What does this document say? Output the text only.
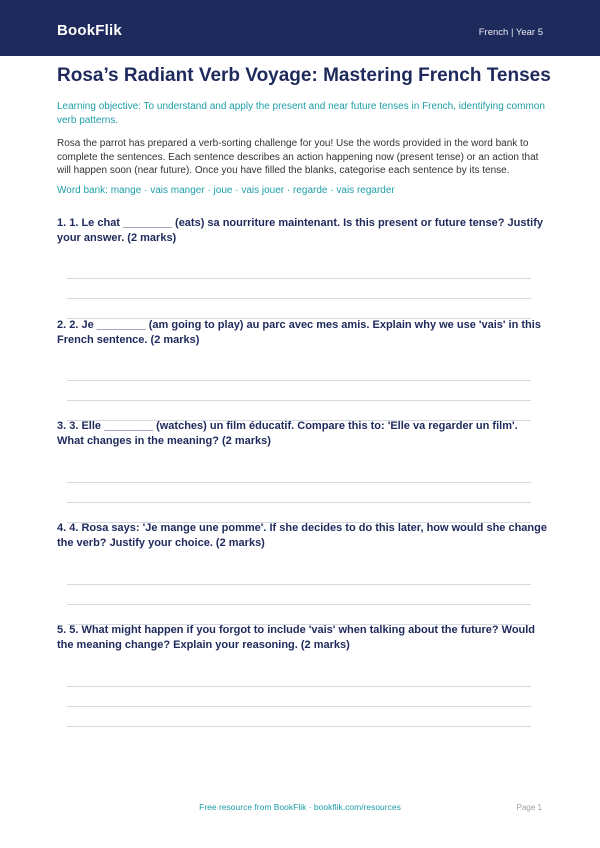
BookFlik	French | Year 5
Rosa’s Radiant Verb Voyage: Mastering French Tenses
Learning objective: To understand and apply the present and near future tenses in French, identifying common verb patterns.
Rosa the parrot has prepared a verb-sorting challenge for you! Use the words provided in the word bank to complete the sentences. Each sentence describes an action happening now (present tense) or an action that will happen soon (near future). Once you have filled the blanks, categorise each sentence by its tense.
Word bank: mange · vais manger · joue · vais jouer · regarde · vais regarder
1. 1. Le chat ________ (eats) sa nourriture maintenant. Is this present or future tense? Justify your answer. (2 marks)
2. 2. Je ________ (am going to play) au parc avec mes amis. Explain why we use 'vais' in this French sentence. (2 marks)
3. 3. Elle ________ (watches) un film éducatif. Compare this to: 'Elle va regarder un film'. What changes in the meaning? (2 marks)
4. 4. Rosa says: 'Je mange une pomme'. If she decides to do this later, how would she change the verb? Justify your choice. (2 marks)
5. 5. What might happen if you forgot to include 'vais' when talking about the future? Would the meaning change? Explain your reasoning. (2 marks)
Free resource from BookFlik · bookflik.com/resources	Page 1
